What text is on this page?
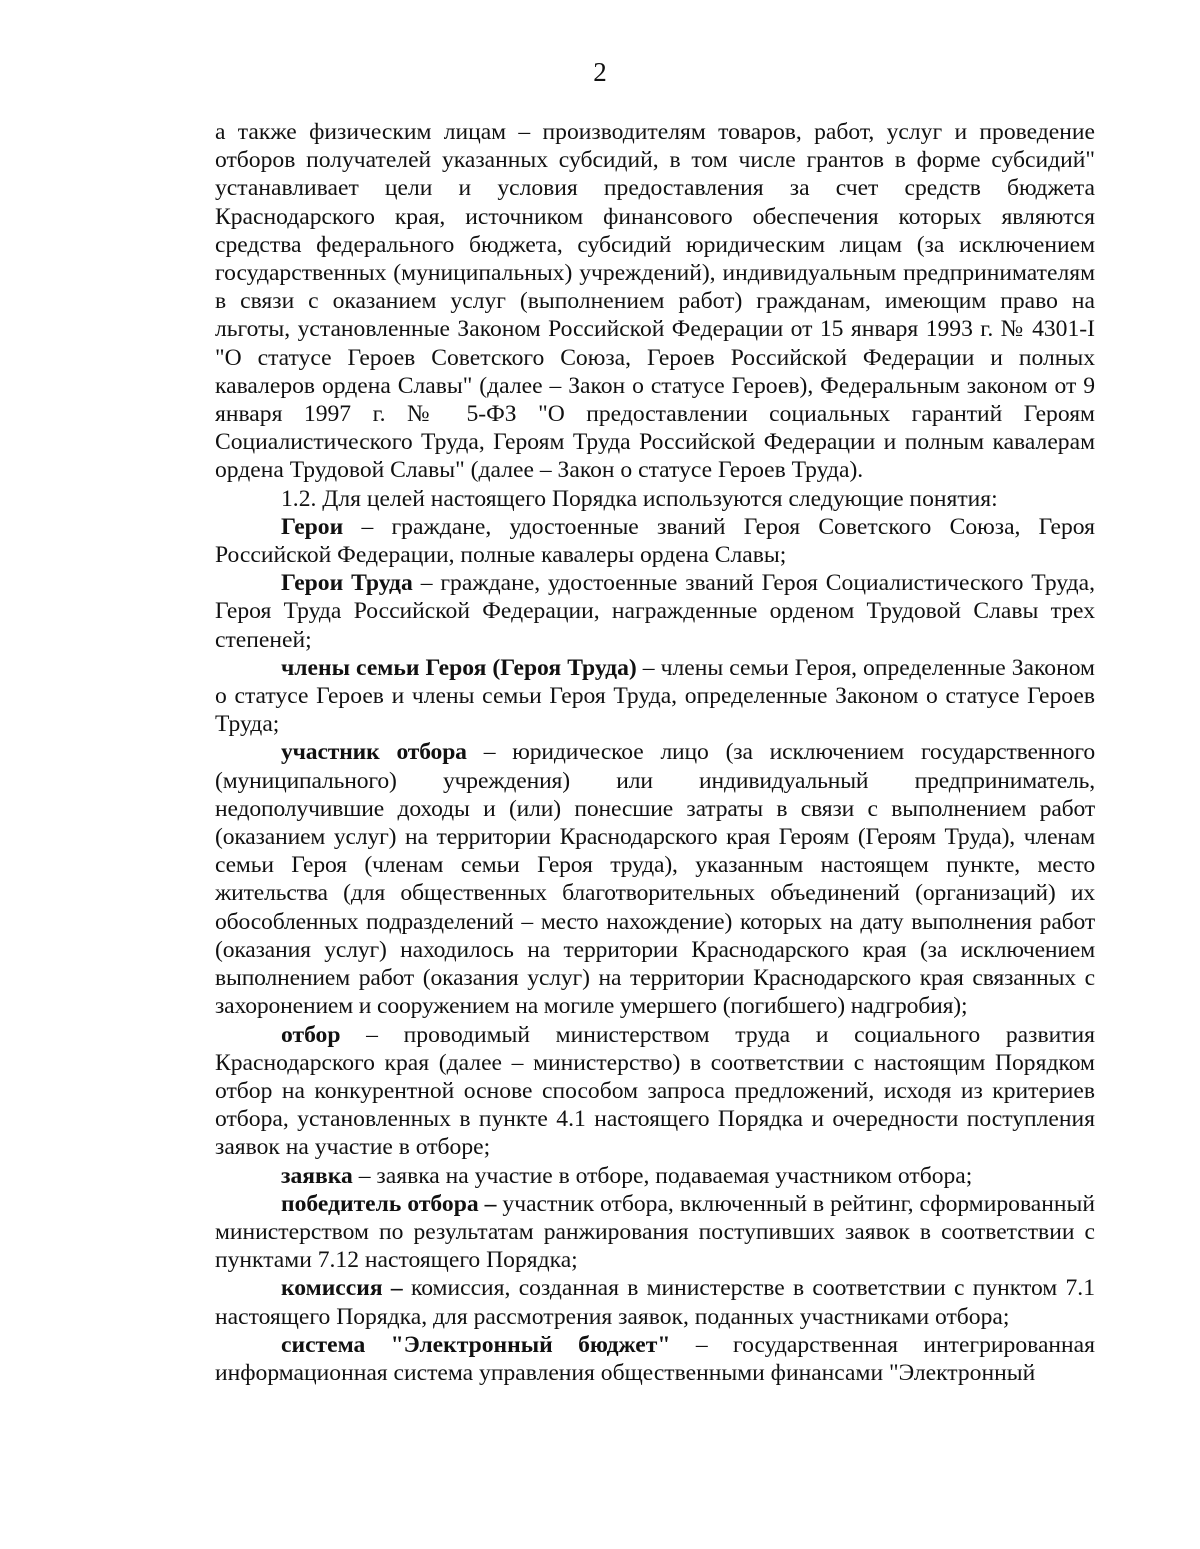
2

а также физическим лицам – производителям товаров, работ, услуг и проведение отборов получателей указанных субсидий, в том числе грантов в форме субсидий" устанавливает цели и условия предоставления за счет средств бюджета Краснодарского края, источником финансового обеспечения которых являются средства федерального бюджета, субсидий юридическим лицам (за исключением государственных (муниципальных) учреждений), индивидуальным предпринимателям в связи с оказанием услуг (выполнением работ) гражданам, имеющим право на льготы, установленные Законом Российской Федерации от 15 января 1993 г. № 4301-I "О статусе Героев Советского Союза, Героев Российской Федерации и полных кавалеров ордена Славы" (далее – Закон о статусе Героев), Федеральным законом от 9 января 1997 г. № 5-ФЗ "О предоставлении социальных гарантий Героям Социалистического Труда, Героям Труда Российской Федерации и полным кавалерам ордена Трудовой Славы" (далее – Закон о статусе Героев Труда).

1.2. Для целей настоящего Порядка используются следующие понятия:

Герои – граждане, удостоенные званий Героя Советского Союза, Героя Российской Федерации, полные кавалеры ордена Славы;

Герои Труда – граждане, удостоенные званий Героя Социалистического Труда, Героя Труда Российской Федерации, награжденные орденом Трудовой Славы трех степеней;

члены семьи Героя (Героя Труда) – члены семьи Героя, определенные Законом о статусе Героев и члены семьи Героя Труда, определенные Законом о статусе Героев Труда;

участник отбора – юридическое лицо (за исключением государственного (муниципального) учреждения) или индивидуальный предприниматель, недополучившие доходы и (или) понесшие затраты в связи с выполнением работ (оказанием услуг) на территории Краснодарского края Героям (Героям Труда), членам семьи Героя (членам семьи Героя труда), указанным настоящем пункте, место жительства (для общественных благотворительных объединений (организаций) их обособленных подразделений – место нахождение) которых на дату выполнения работ (оказания услуг) находилось на территории Краснодарского края (за исключением выполнением работ (оказания услуг) на территории Краснодарского края связанных с захоронением и сооружением на могиле умершего (погибшего) надгробия);

отбор – проводимый министерством труда и социального развития Краснодарского края (далее – министерство) в соответствии с настоящим Порядком отбор на конкурентной основе способом запроса предложений, исходя из критериев отбора, установленных в пункте 4.1 настоящего Порядка и очередности поступления заявок на участие в отборе;

заявка – заявка на участие в отборе, подаваемая участником отбора;

победитель отбора – участник отбора, включенный в рейтинг, сформированный министерством по результатам ранжирования поступивших заявок в соответствии с пунктами 7.12 настоящего Порядка;

комиссия – комиссия, созданная в министерстве в соответствии с пунктом 7.1 настоящего Порядка, для рассмотрения заявок, поданных участниками отбора;

система "Электронный бюджет" – государственная интегрированная информационная система управления общественными финансами "Электронный
